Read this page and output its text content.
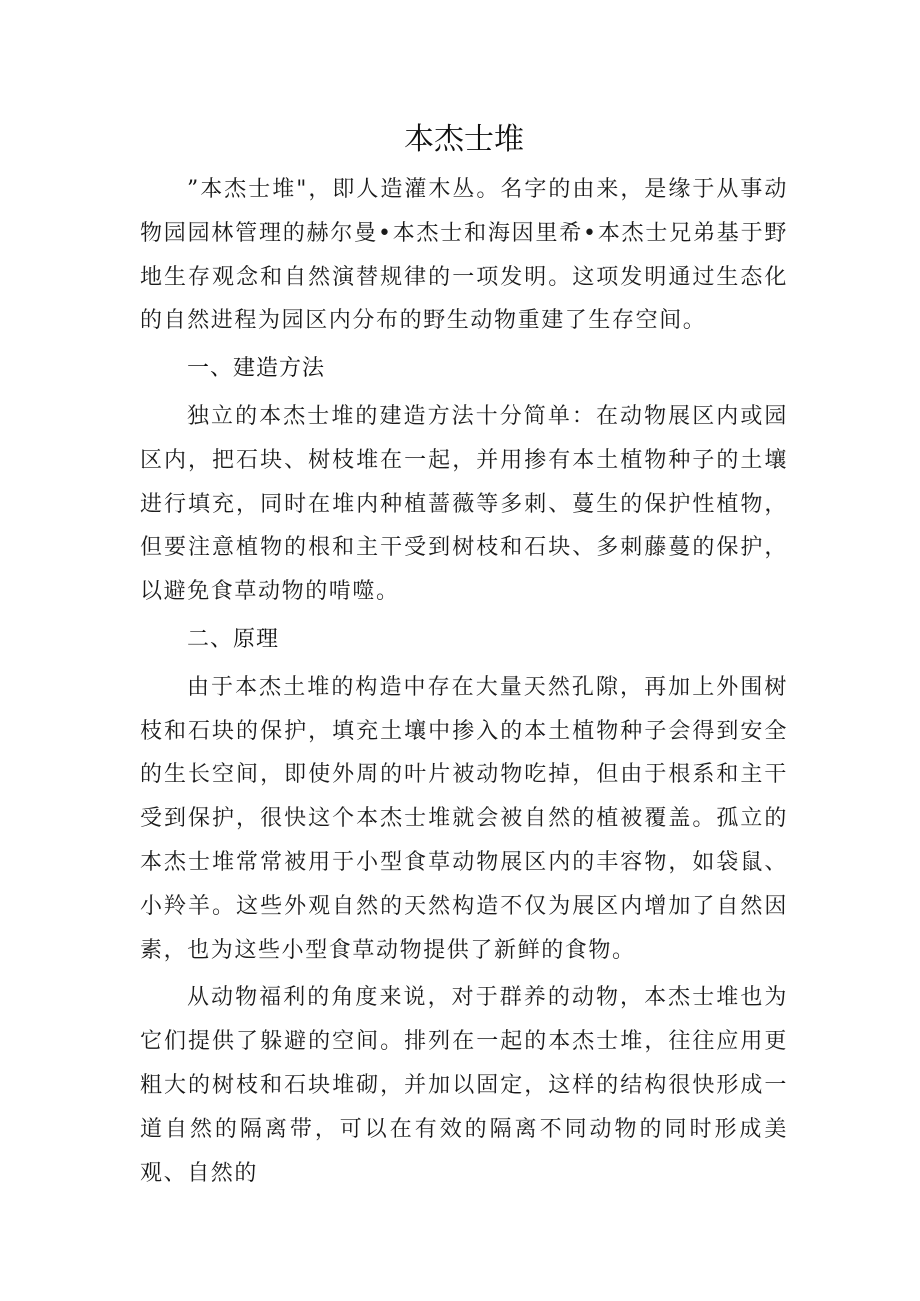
本杰士堆

”本杰士堆"，即人造灌木丛。名字的由来，是缘于从事动物园园林管理的赫尔曼•本杰士和海因里希•本杰士兄弟基于野地生存观念和自然演替规律的一项发明。这项发明通过生态化的自然进程为园区内分布的野生动物重建了生存空间。

一、建造方法

独立的本杰士堆的建造方法十分简单：在动物展区内或园区内，把石块、树枝堆在一起，并用掺有本土植物种子的土壤进行填充，同时在堆内种植蔷薇等多刺、蔓生的保护性植物，但要注意植物的根和主干受到树枝和石块、多刺藤蔓的保护，以避免食草动物的啃噬。

二、原理

由于本杰土堆的构造中存在大量天然孔隙，再加上外围树枝和石块的保护，填充土壤中掺入的本土植物种子会得到安全的生长空间，即使外周的叶片被动物吃掉，但由于根系和主干受到保护，很快这个本杰士堆就会被自然的植被覆盖。孤立的本杰士堆常常被用于小型食草动物展区内的丰容物，如袋鼠、小羚羊。这些外观自然的天然构造不仅为展区内增加了自然因素，也为这些小型食草动物提供了新鲜的食物。

从动物福利的角度来说，对于群养的动物，本杰士堆也为它们提供了躲避的空间。排列在一起的本杰士堆，往往应用更粗大的树枝和石块堆砌，并加以固定，这样的结构很快形成一道自然的隔离带，可以在有效的隔离不同动物的同时形成美观、自然的
